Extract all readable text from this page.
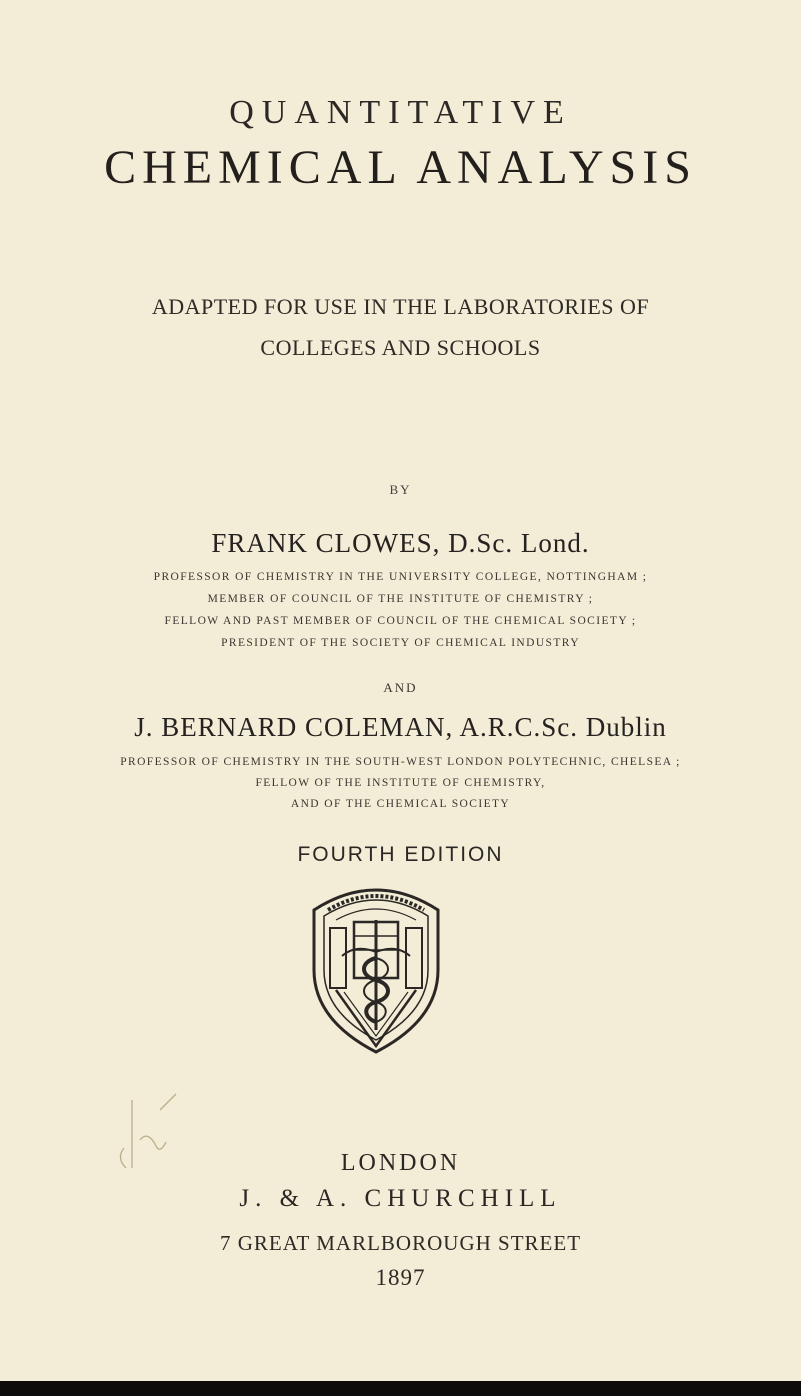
QUANTITATIVE
CHEMICAL ANALYSIS
ADAPTED FOR USE IN THE LABORATORIES OF
COLLEGES AND SCHOOLS
BY
FRANK CLOWES, D.Sc. Lond.
PROFESSOR OF CHEMISTRY IN THE UNIVERSITY COLLEGE, NOTTINGHAM ;
MEMBER OF COUNCIL OF THE INSTITUTE OF CHEMISTRY ;
FELLOW AND PAST MEMBER OF COUNCIL OF THE CHEMICAL SOCIETY ;
PRESIDENT OF THE SOCIETY OF CHEMICAL INDUSTRY
AND
J. BERNARD COLEMAN, A.R.C.Sc. Dublin
PROFESSOR OF CHEMISTRY IN THE SOUTH-WEST LONDON POLYTECHNIC, CHELSEA ;
FELLOW OF THE INSTITUTE OF CHEMISTRY,
AND OF THE CHEMICAL SOCIETY
FOURTH EDITION
LONDON
J. & A. CHURCHILL
7 GREAT MARLBOROUGH STREET
1897
